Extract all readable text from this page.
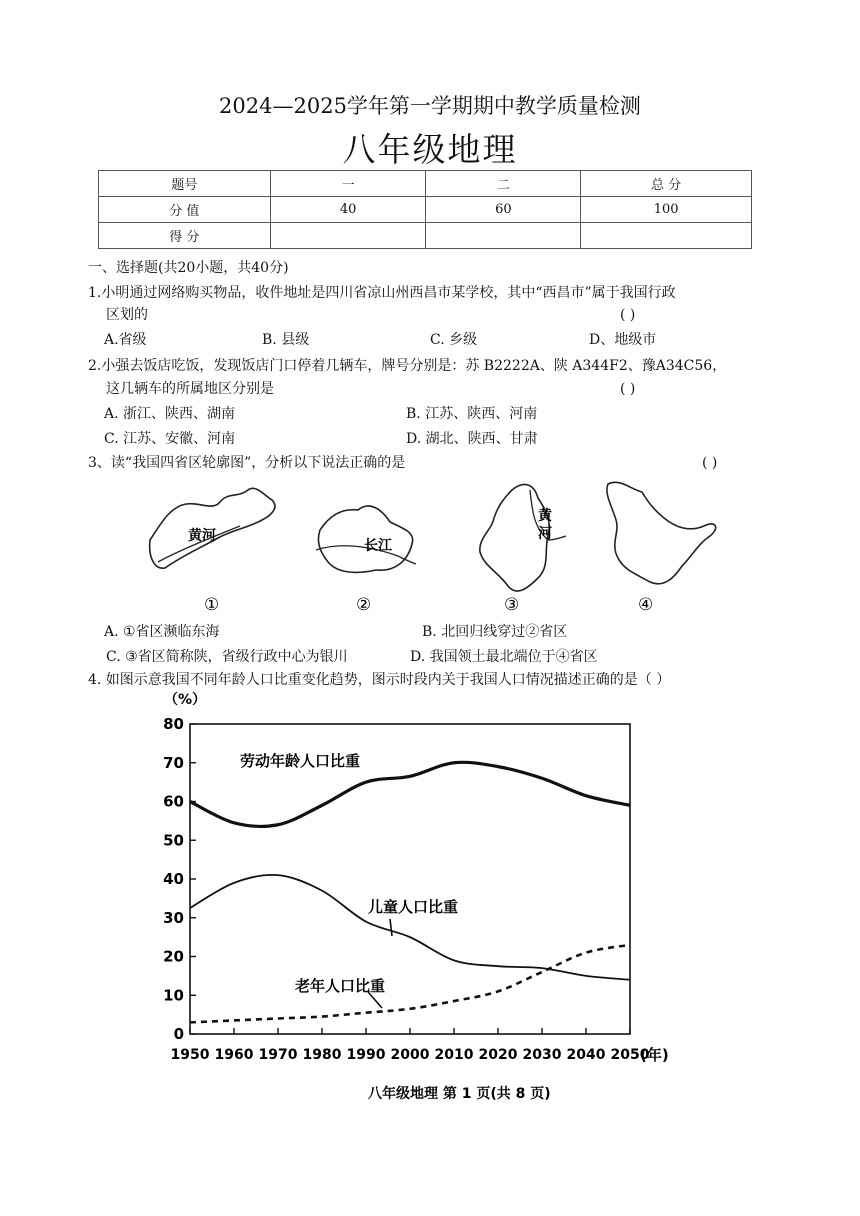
2024—2025学年第一学期期中教学质量检测
八年级地理
题号	一	二	总 分
分 值	40	60	100
得 分			
一、选择题(共20小题，共40分)
1.小明通过网络购买物品，收件地址是四川省凉山州西昌市某学校，其中“西昌市”属于我国行政
区划的	( )
A.省级	B. 县级	C. 乡级	D、地级市
2.小强去饭店吃饭，发现饭店门口停着几辆车，牌号分别是：苏 B2222A、陕 A344F2、豫A34C56，
这几辆车的所属地区分别是	( )
A. 浙江、陕西、湖南	B. 江苏、陕西、河南
C. 江苏、安徽、河南	D. 湖北、陕西、甘肃
3、读“我国四省区轮廓图”，分析以下说法正确的是	( )
黄河
长江
黄
河
①	②	③	④
A. ①省区濒临东海	B. 北回归线穿过②省区
C. ③省区简称陕，省级行政中心为银川	D. 我国领土最北端位于④省区
4. 如图示意我国不同年龄人口比重变化趋势，图示时段内关于我国人口情况描述正确的是（ ）
（%）
0
10
20
30
40
50
60
70
80
1950 1960 1970 1980 1990 2000 2010 2020 2030 2040 2050
劳动年龄人口比重
儿童人口比重
老年人口比重
(年)
八年级地理 第 1 页(共 8 页)
